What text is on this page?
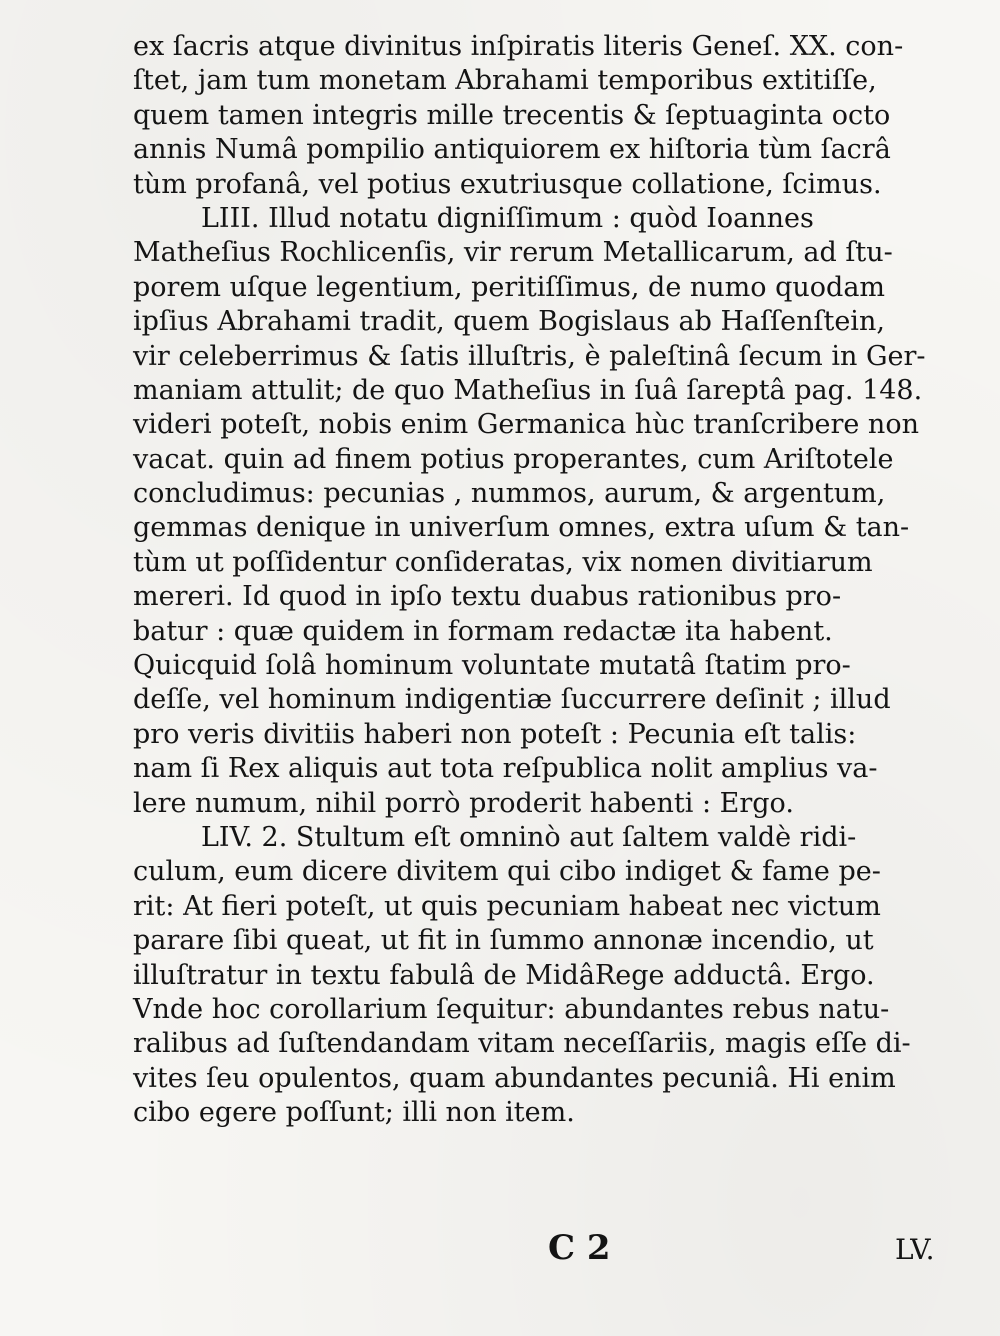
ex ſacris atque divinitus inſpiratis literis Geneſ. XX. con-
ſtet, jam tum monetam Abrahami temporibus extitiſſe,
quem tamen integris mille trecentis & ſeptuaginta octo
annis Numâ pompilio antiquiorem ex hiſtoria tùm ſacrâ
tùm profanâ, vel potius exutriusque collatione, ſcimus.
LIII. Illud notatu digniſſimum : quòd Ioannes
Matheſius Rochlicenſis, vir rerum Metallicarum, ad ſtu-
porem uſque legentium, peritiſſimus, de numo quodam
ipſius Abrahami tradit, quem Bogislaus ab Haſſenſtein,
vir celeberrimus & ſatis illuſtris, è paleſtinâ ſecum in Ger-
maniam attulit; de quo Matheſius in ſuâ ſareptâ pag. 148.
videri poteſt, nobis enim Germanica hùc tranſcribere non
vacat. quin ad finem potius properantes, cum Ariſtotele
concludimus: pecunias , nummos, aurum, & argentum,
gemmas denique in univerſum omnes, extra uſum & tan-
tùm ut poſſidentur conſideratas, vix nomen divitiarum
mereri. Id quod in ipſo textu duabus rationibus pro-
batur : quæ quidem in formam redactæ ita habent.
Quicquid ſolâ hominum voluntate mutatâ ſtatim pro-
deſſe, vel hominum indigentiæ ſuccurrere deſinit ; illud
pro veris divitiis haberi non poteſt : Pecunia eſt talis:
nam ſi Rex aliquis aut tota reſpublica nolit amplius va-
lere numum, nihil porrò proderit habenti : Ergo.
LIV. 2. Stultum eſt omninò aut ſaltem valdè ridi-
culum, eum dicere divitem qui cibo indiget & fame pe-
rit: At fieri poteſt, ut quis pecuniam habeat nec victum
parare ſibi queat, ut fit in ſummo annonæ incendio, ut
illuſtratur in textu fabulâ de MidâRege adductâ. Ergo.
Vnde hoc corollarium ſequitur: abundantes rebus natu-
ralibus ad ſuſtendandam vitam neceſſariis, magis eſſe di-
vites ſeu opulentos, quam abundantes pecuniâ. Hi enim
cibo egere poſſunt; illi non item.
C 2	LV.
